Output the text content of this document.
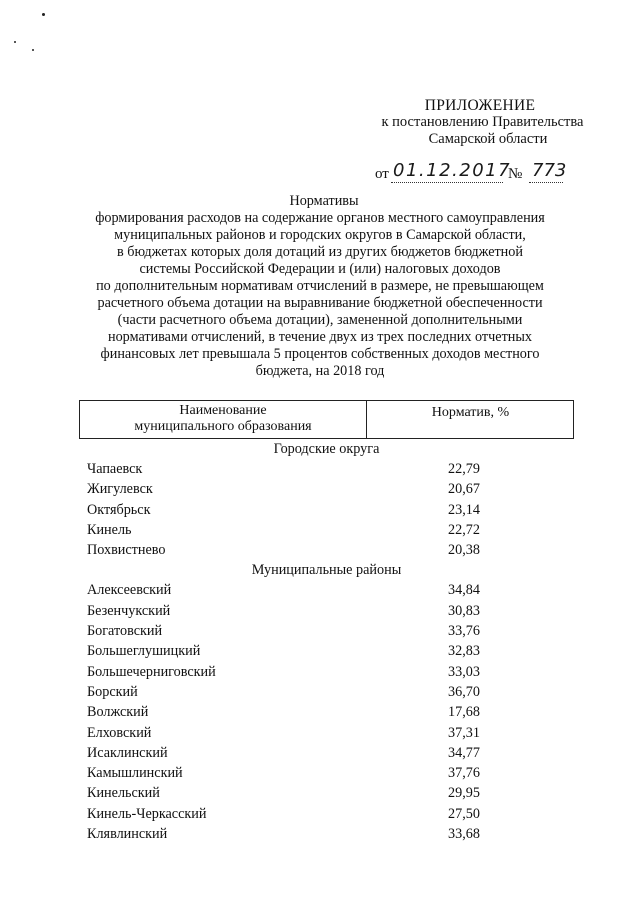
ПРИЛОЖЕНИЕ
к постановлению Правительства
Самарской области
от 01.12.2017
№ 773
Нормативы
формирования расходов на содержание органов местного самоуправления
муниципальных районов и городских округов в Самарской области,
в бюджетах которых доля дотаций из других бюджетов бюджетной
системы Российской Федерации и (или) налоговых доходов
по дополнительным нормативам отчислений в размере, не превышающем
расчетного объема дотации на выравнивание бюджетной обеспеченности
(части расчетного объема дотации), замененной дополнительными
нормативами отчислений, в течение двух из трех последних отчетных
финансовых лет превышала 5 процентов собственных доходов местного
бюджета, на 2018 год
Наименование
муниципального образования
Норматив, %
Городские округа
Чапаевск	22,79
Жигулевск	20,67
Октябрьск	23,14
Кинель	22,72
Похвистнево	20,38
Муниципальные районы
Алексеевский	34,84
Безенчукский	30,83
Богатовский	33,76
Большеглушицкий	32,83
Большечерниговский	33,03
Борский	36,70
Волжский	17,68
Елховский	37,31
Исаклинский	34,77
Камышлинский	37,76
Кинельский	29,95
Кинель-Черкасский	27,50
Клявлинский	33,68
